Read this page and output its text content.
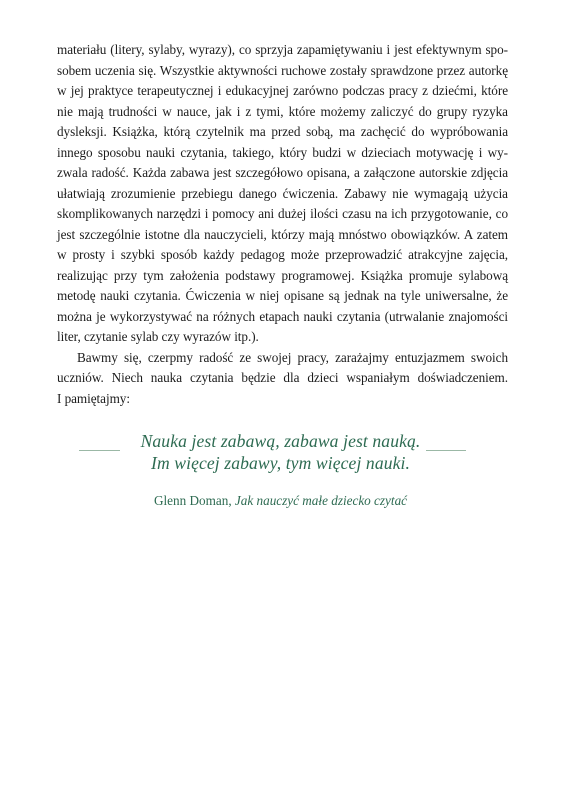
materiału (litery, sylaby, wyrazy), co sprzyja zapamiętywaniu i jest efektywnym spo-
sobem uczenia się. Wszystkie aktywności ruchowe zostały sprawdzone przez autorkę
w jej praktyce terapeutycznej i edukacyjnej zarówno podczas pracy z dziećmi, które
nie mają trudności w nauce, jak i z tymi, które możemy zaliczyć do grupy ryzyka
dysleksji. Książka, którą czytelnik ma przed sobą, ma zachęcić do wypróbowania
innego sposobu nauki czytania, takiego, który budzi w dzieciach motywację i wy-
zwala radość. Każda zabawa jest szczegółowo opisana, a załączone autorskie zdjęcia
ułatwiają zrozumienie przebiegu danego ćwiczenia. Zabawy nie wymagają użycia
skomplikowanych narzędzi i pomocy ani dużej ilości czasu na ich przygotowanie, co
jest szczególnie istotne dla nauczycieli, którzy mają mnóstwo obowiązków. A zatem
w prosty i szybki sposób każdy pedagog może przeprowadzić atrakcyjne zajęcia,
realizując przy tym założenia podstawy programowej. Książka promuje sylabową
metodę nauki czytania. Ćwiczenia w niej opisane są jednak na tyle uniwersalne, że
można je wykorzystywać na różnych etapach nauki czytania (utrwalanie znajomości
liter, czytanie sylab czy wyrazów itp.).

Bawmy się, czerpmy radość ze swojej pracy, zarażajmy entuzjazmem swoich
uczniów. Niech nauka czytania będzie dla dzieci wspaniałym doświadczeniem.
I pamiętajmy:

Nauka jest zabawą, zabawa jest nauką.
Im więcej zabawy, tym więcej nauki.
Glenn Doman, Jak nauczyć małe dziecko czytać
